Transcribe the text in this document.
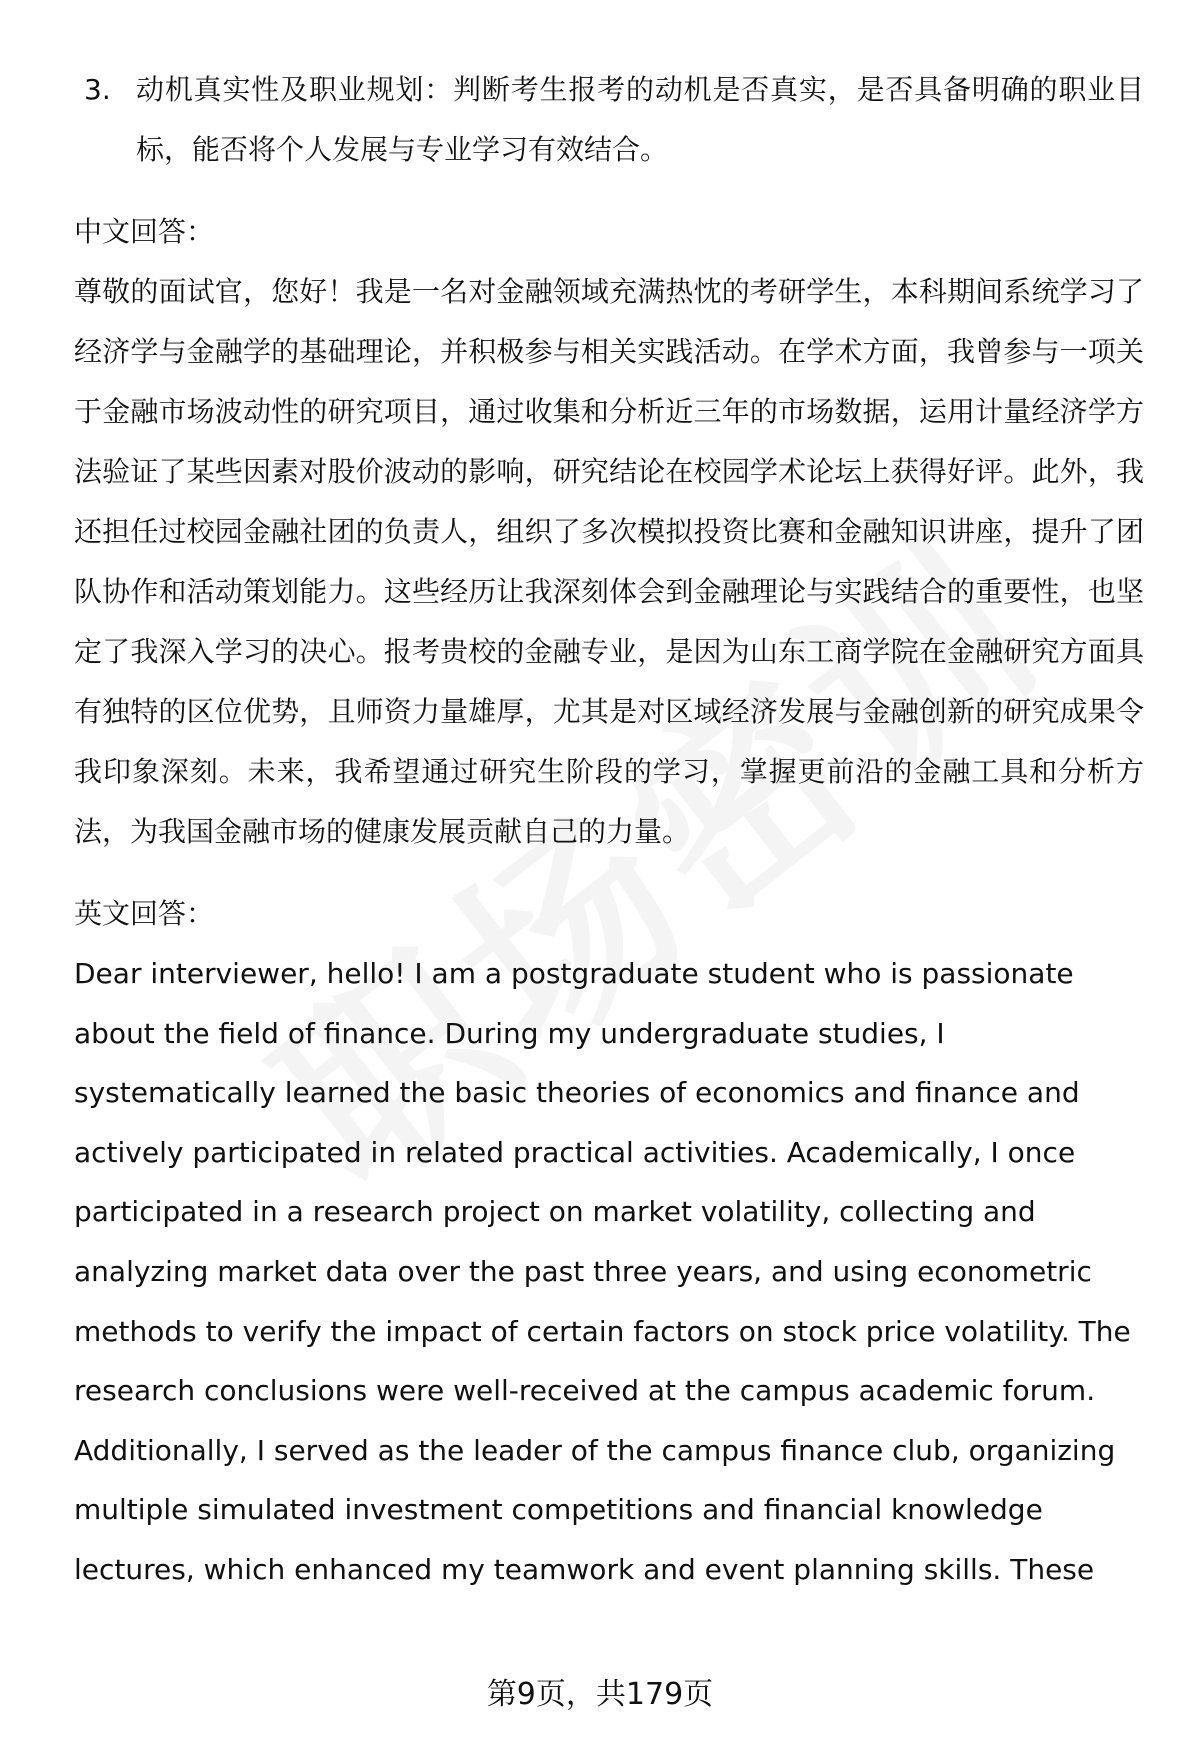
3. 动机真实性及职业规划：判断考生报考的动机是否真实，是否具备明确的职业目标，能否将个人发展与专业学习有效结合。
中文回答：

尊敬的面试官，您好！我是一名对金融领域充满热忱的考研学生，本科期间系统学习了经济学与金融学的基础理论，并积极参与相关实践活动。在学术方面，我曾参与一项关于金融市场波动性的研究项目，通过收集和分析近三年的市场数据，运用计量经济学方法验证了某些因素对股价波动的影响，研究结论在校园学术论坛上获得好评。此外，我还担任过校园金融社团的负责人，组织了多次模拟投资比赛和金融知识讲座，提升了团队协作和活动策划能力。这些经历让我深刻体会到金融理论与实践结合的重要性，也坚定了我深入学习的决心。报考贵校的金融专业，是因为山东工商学院在金融研究方面具有独特的区位优势，且师资力量雄厚，尤其是对区域经济发展与金融创新的研究成果令我印象深刻。未来，我希望通过研究生阶段的学习，掌握更前沿的金融工具和分析方法，为我国金融市场的健康发展贡献自己的力量。

英文回答：

Dear interviewer, hello! I am a postgraduate student who is passionate about the field of finance. During my undergraduate studies, I systematically learned the basic theories of economics and finance and actively participated in related practical activities. Academically, I once participated in a research project on market volatility, collecting and analyzing market data over the past three years, and using econometric methods to verify the impact of certain factors on stock price volatility. The research conclusions were well-received at the campus academic forum. Additionally, I served as the leader of the campus finance club, organizing multiple simulated investment competitions and financial knowledge lectures, which enhanced my teamwork and event planning skills. These

第9页，共179页
